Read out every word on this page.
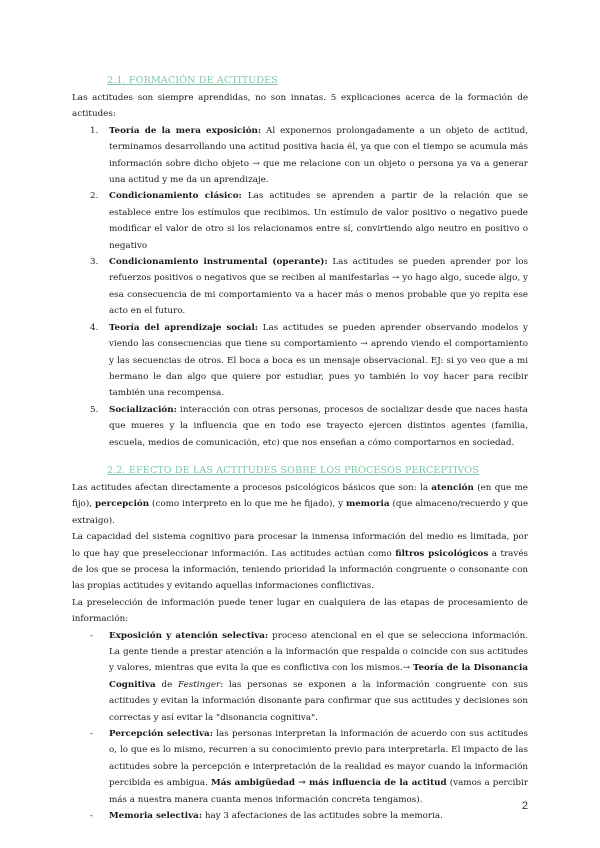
2.1. FORMACIÓN DE ACTITUDES

Las actitudes son siempre aprendidas, no son innatas. 5 explicaciones acerca de la formación de actitudes:

1. Teoría de la mera exposición: Al exponernos prolongadamente a un objeto de actitud, terminamos desarrollando una actitud positiva hacia él, ya que con el tiempo se acumula más información sobre dicho objeto → que me relacione con un objeto o persona ya va a generar una actitud y me da un aprendizaje.
2. Condicionamiento clásico: Las actitudes se aprenden a partir de la relación que se establece entre los estímulos que recibimos. Un estímulo de valor positivo o negativo puede modificar el valor de otro si los relacionamos entre sí, convirtiendo algo neutro en positivo o negativo
3. Condicionamiento instrumental (operante): Las actitudes se pueden aprender por los refuerzos positivos o negativos que se reciben al manifestarlas → yo hago algo, sucede algo, y esa consecuencia de mi comportamiento va a hacer más o menos probable que yo repita ese acto en el futuro.
4. Teoría del aprendizaje social: Las actitudes se pueden aprender observando modelos y viendo las consecuencias que tiene su comportamiento → aprendo viendo el comportamiento y las secuencias de otros. El boca a boca es un mensaje observacional. EJ: si yo veo que a mi hermano le dan algo que quiere por estudiar, pues yo también lo voy hacer para recibir también una recompensa.
5. Socialización: interacción con otras personas, procesos de socializar desde que naces hasta que mueres y la influencia que en todo ese trayecto ejercen distintos agentes (familia, escuela, medios de comunicación, etc) que nos enseñan a cómo comportarnos en sociedad.
2.2. EFECTO DE LAS ACTITUDES SOBRE LOS PROCESOS PERCEPTIVOS

Las actitudes afectan directamente a procesos psicológicos básicos que son: la atención (en que me fijo), percepción (como interpreto en lo que me he fijado), y memoria (que almaceno/recuerdo y que extraigo).

La capacidad del sistema cognitivo para procesar la inmensa información del medio es limitada, por lo que hay que preseleccionar información. Las actitudes actúan como filtros psicológicos a través de los que se procesa la información, teniendo prioridad la información congruente o consonante con las propias actitudes y evitando aquellas informaciones conflictivas.

La preselección de información puede tener lugar en cualquiera de las etapas de procesamiento de información:

- Exposición y atención selectiva: proceso atencional en el que se selecciona información. La gente tiende a prestar atención a la información que respalda o coincide con sus actitudes y valores, mientras que evita la que es conflictiva con los mismos.→ Teoría de la Disonancia Cognitiva de Festinger: las personas se exponen a la información congruente con sus actitudes y evitan la información disonante para confirmar que sus actitudes y decisiones son correctas y así evitar la "disonancia cognitiva".
- Percepción selectiva: las personas interpretan la información de acuerdo con sus actitudes o, lo que es lo mismo, recurren a su conocimiento previo para interpretarla. El impacto de las actitudes sobre la percepción e interpretación de la realidad es mayor cuando la información percibida es ambigua. Más ambigüedad → más influencia de la actitud (vamos a percibir más a nuestra manera cuanta menos información concreta tengamos).
- Memoria selectiva: hay 3 afectaciones de las actitudes sobre la memoria.
2
